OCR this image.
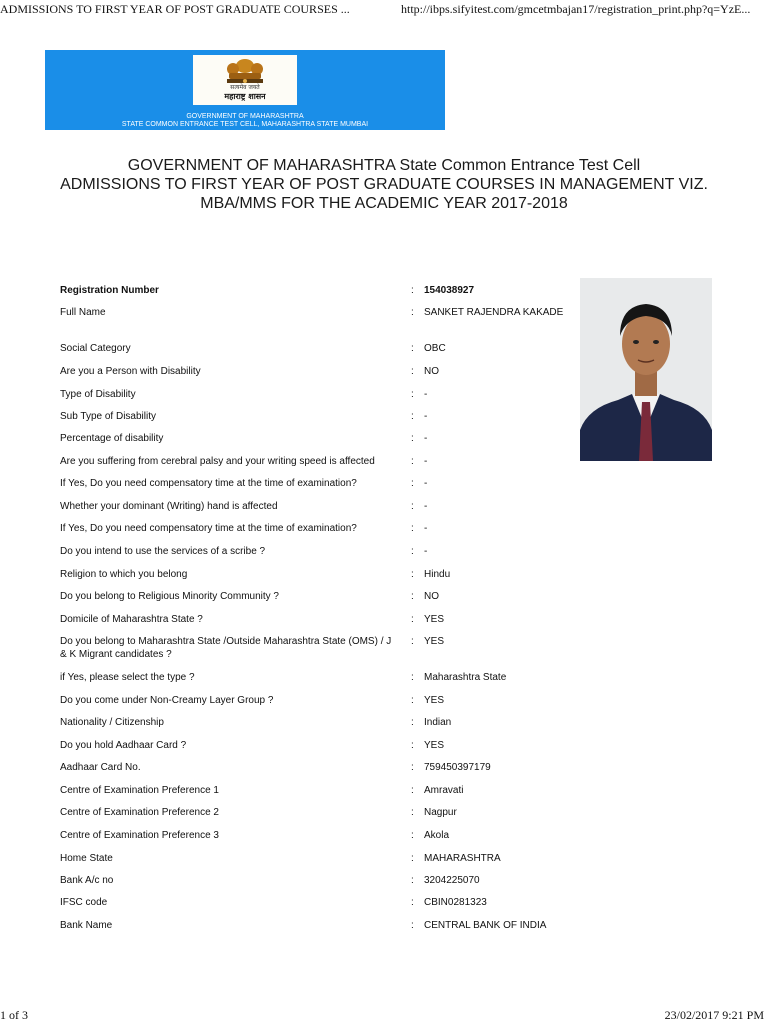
ADMISSIONS TO FIRST YEAR OF POST GRADUATE COURSES ...	http://ibps.sifyitest.com/gmcetmbajan17/registration_print.php?q=YzE...
सत्यमेव जयते
महाराष्ट्र शासन
GOVERNMENT OF MAHARASHTRA
STATE COMMON ENTRANCE TEST CELL, MAHARASHTRA STATE MUMBAI
GOVERNMENT OF MAHARASHTRA State Common Entrance Test Cell
ADMISSIONS TO FIRST YEAR OF POST GRADUATE COURSES IN MANAGEMENT VIZ.
MBA/MMS FOR THE ACADEMIC YEAR 2017-2018
Registration Number	: 154038927
Full Name	: SANKET RAJENDRA KAKADE
Social Category	: OBC
Are you a Person with Disability	: NO
Type of Disability	: -
Sub Type of Disability	: -
Percentage of disability	: -
Are you suffering from cerebral palsy and your writing speed is affected	: -
If Yes, Do you need compensatory time at the time of examination?	: -
Whether your dominant (Writing) hand is affected	: -
If Yes, Do you need compensatory time at the time of examination?	: -
Do you intend to use the services of a scribe ?	: -
Religion to which you belong	: Hindu
Do you belong to Religious Minority Community ?	: NO
Domicile of Maharashtra State ?	: YES
Do you belong to Maharashtra State /Outside Maharashtra State (OMS) / J & K Migrant candidates ?
: YES
if Yes, please select the type ?	: Maharashtra State
Do you come under Non-Creamy Layer Group ?	: YES
Nationality / Citizenship	: Indian
Do you hold Aadhaar Card ?	: YES
Aadhaar Card No.	: 759450397179
Centre of Examination Preference 1	: Amravati
Centre of Examination Preference 2	: Nagpur
Centre of Examination Preference 3	: Akola
Home State	: MAHARASHTRA
Bank A/c no	: 3204225070
IFSC code	: CBIN0281323
Bank Name	: CENTRAL BANK OF INDIA
1 of 3	23/02/2017 9:21 PM
